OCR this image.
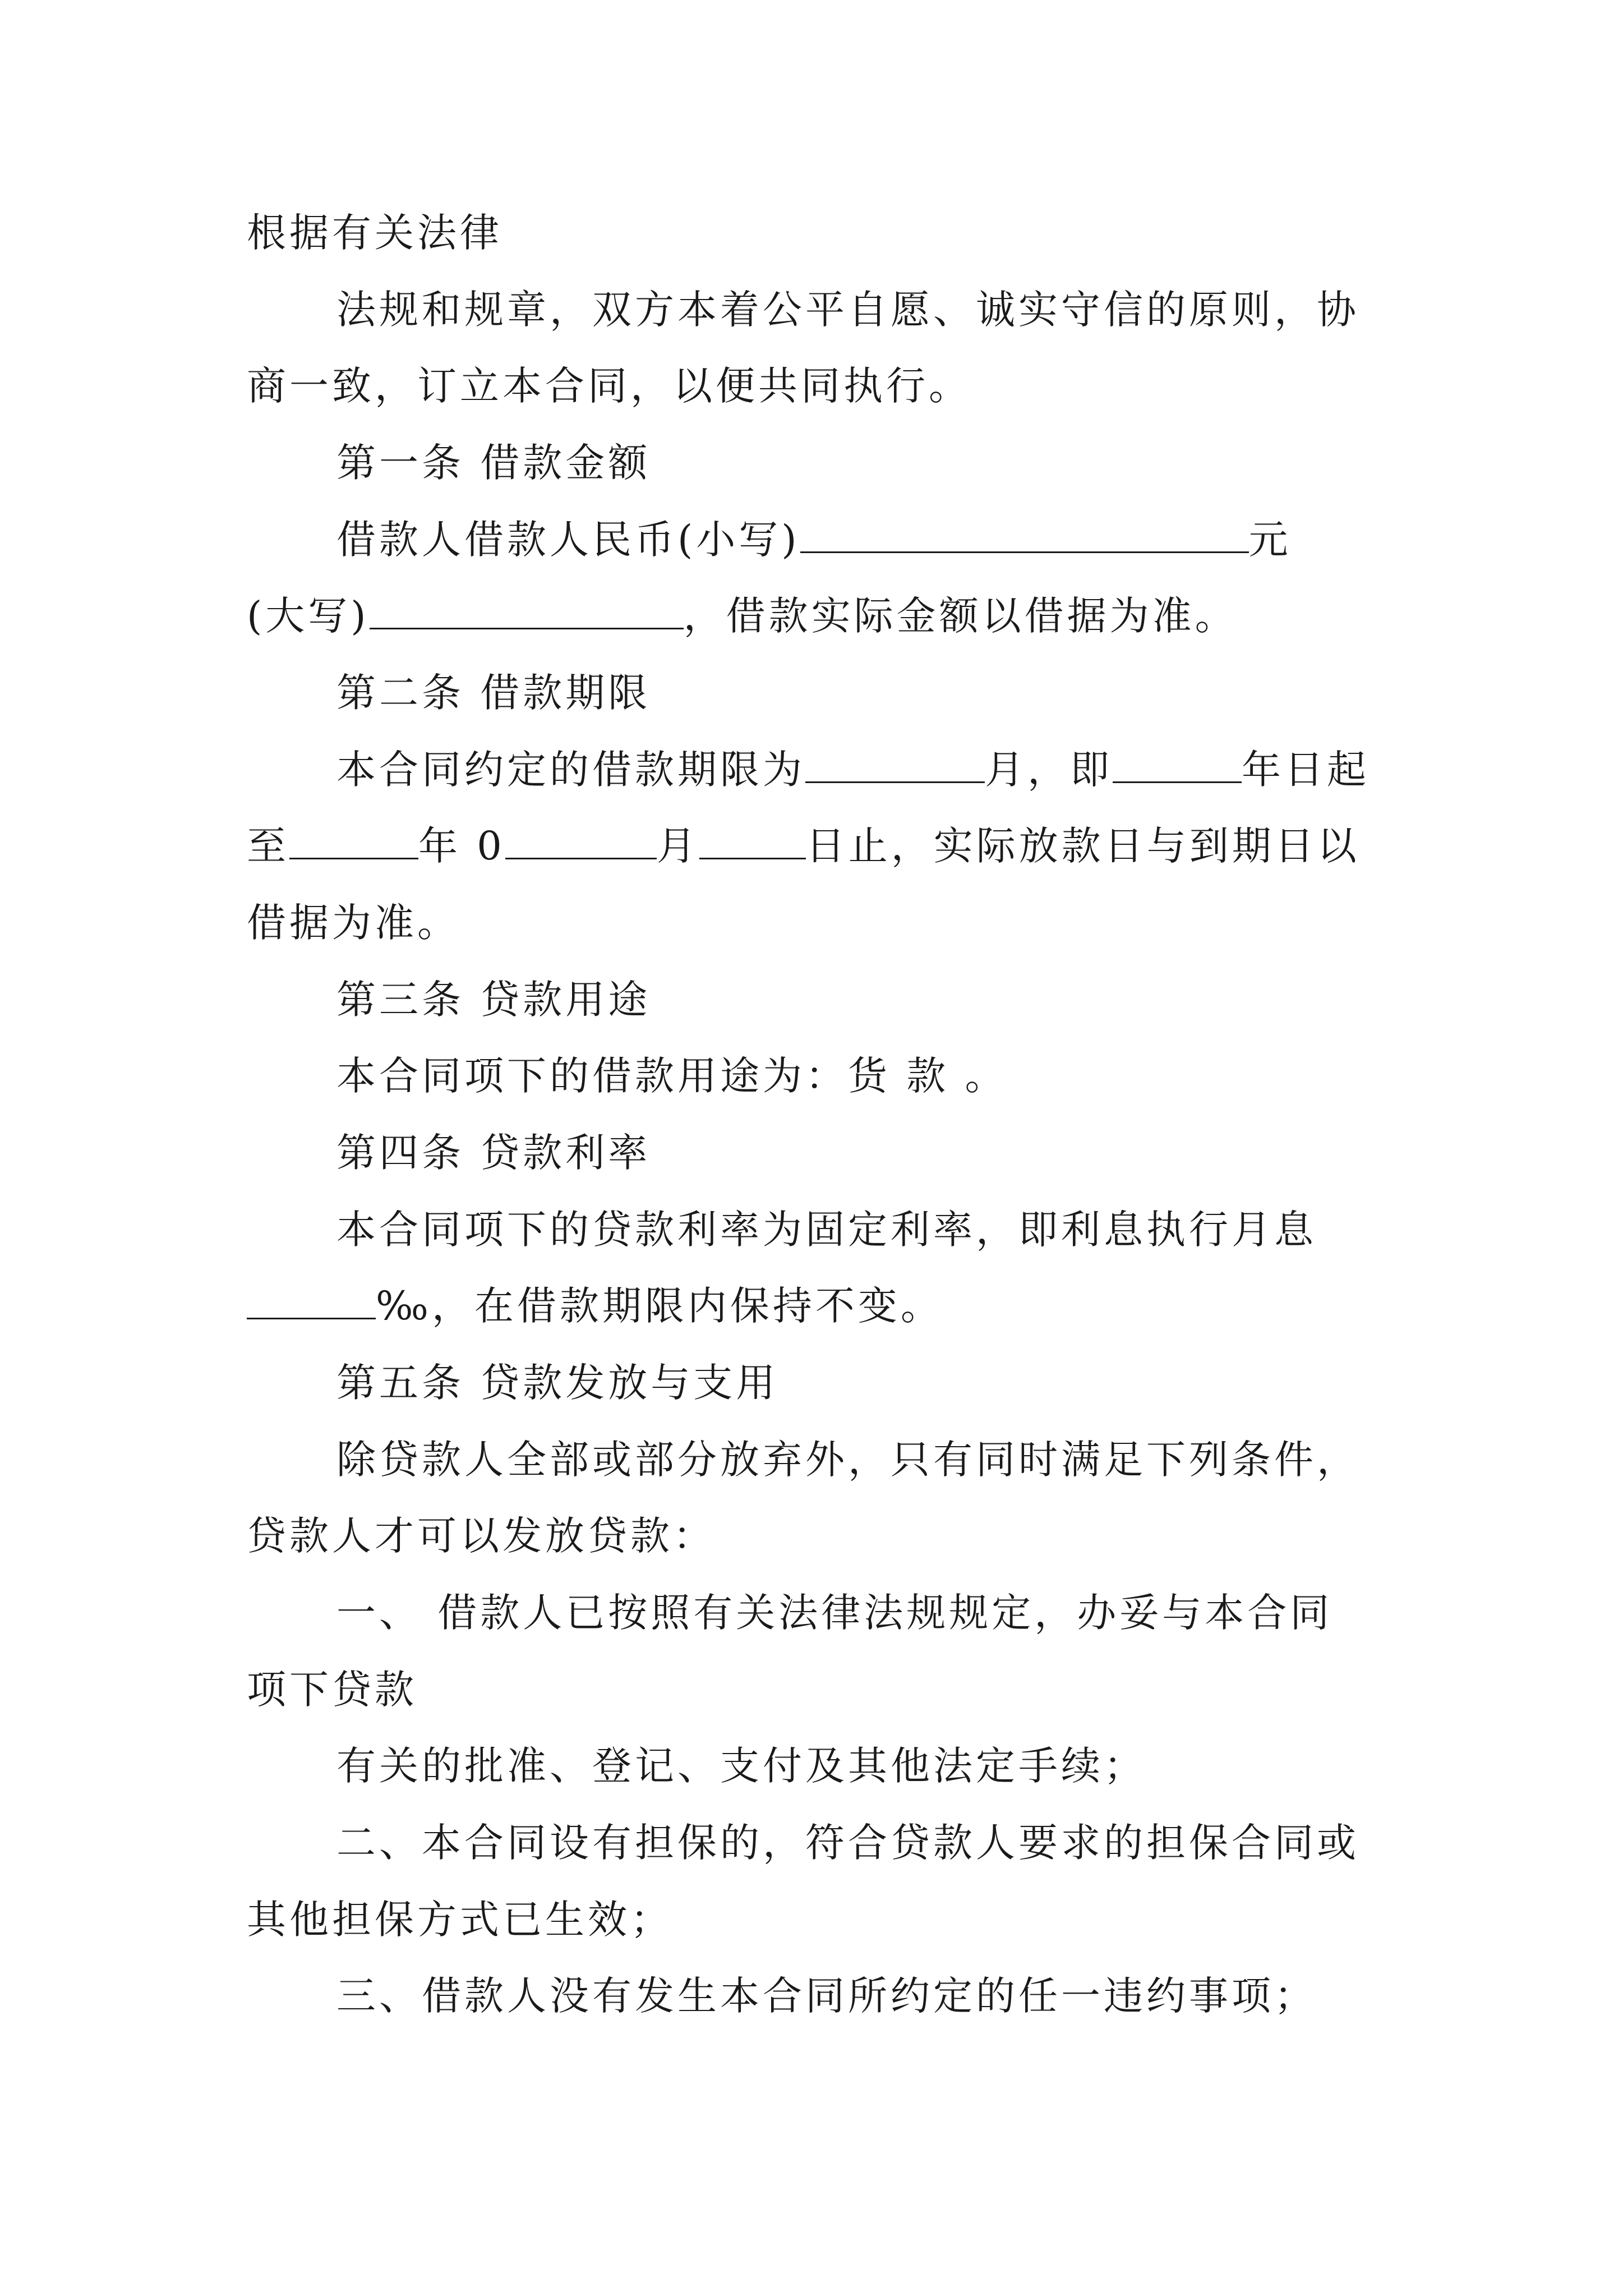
根据有关法律
法规和规章，双方本着公平自愿、诚实守信的原则，协
商一致，订立本合同，以便共同执行。
第一条 借款金额
借款人借款人民币(小写)	元
(大写)	，借款实际金额以借据为准。
第二条 借款期限
本合同约定的借款期限为	月，即	年日起
至	年 0	月	日止，实际放款日与到期日以
借据为准。
第三条 贷款用途
本合同项下的借款用途为：货 款 。
第四条 贷款利率
本合同项下的贷款利率为固定利率，即利息执行月息
‰，在借款期限内保持不变。
第五条 贷款发放与支用
除贷款人全部或部分放弃外，只有同时满足下列条件，
贷款人才可以发放贷款：
一、 借款人已按照有关法律法规规定，办妥与本合同
项下贷款
有关的批准、登记、支付及其他法定手续；
二、本合同设有担保的，符合贷款人要求的担保合同或
其他担保方式已生效；
三、借款人没有发生本合同所约定的任一违约事项；
